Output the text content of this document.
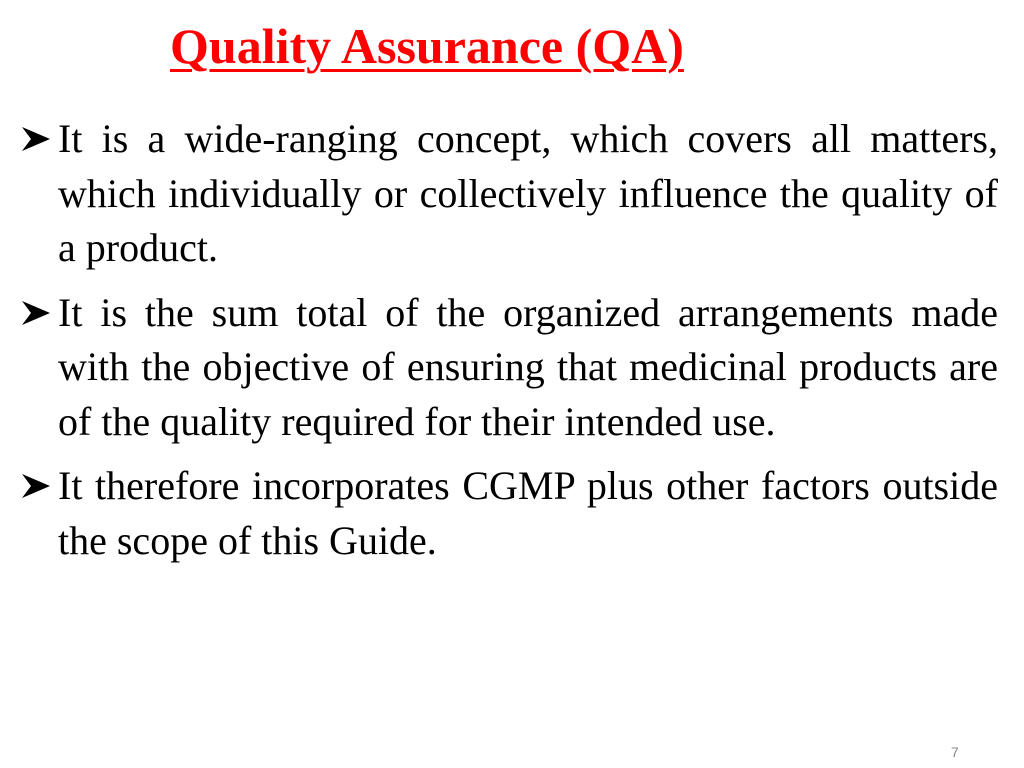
Quality Assurance (QA)
It is a wide-ranging concept, which covers all matters, which individually or collectively influence the quality of a product.
It is the sum total of the organized arrangements made with the objective of ensuring that medicinal products are of the quality required for their intended use.
It therefore incorporates CGMP plus other factors outside the scope of this Guide.
7
